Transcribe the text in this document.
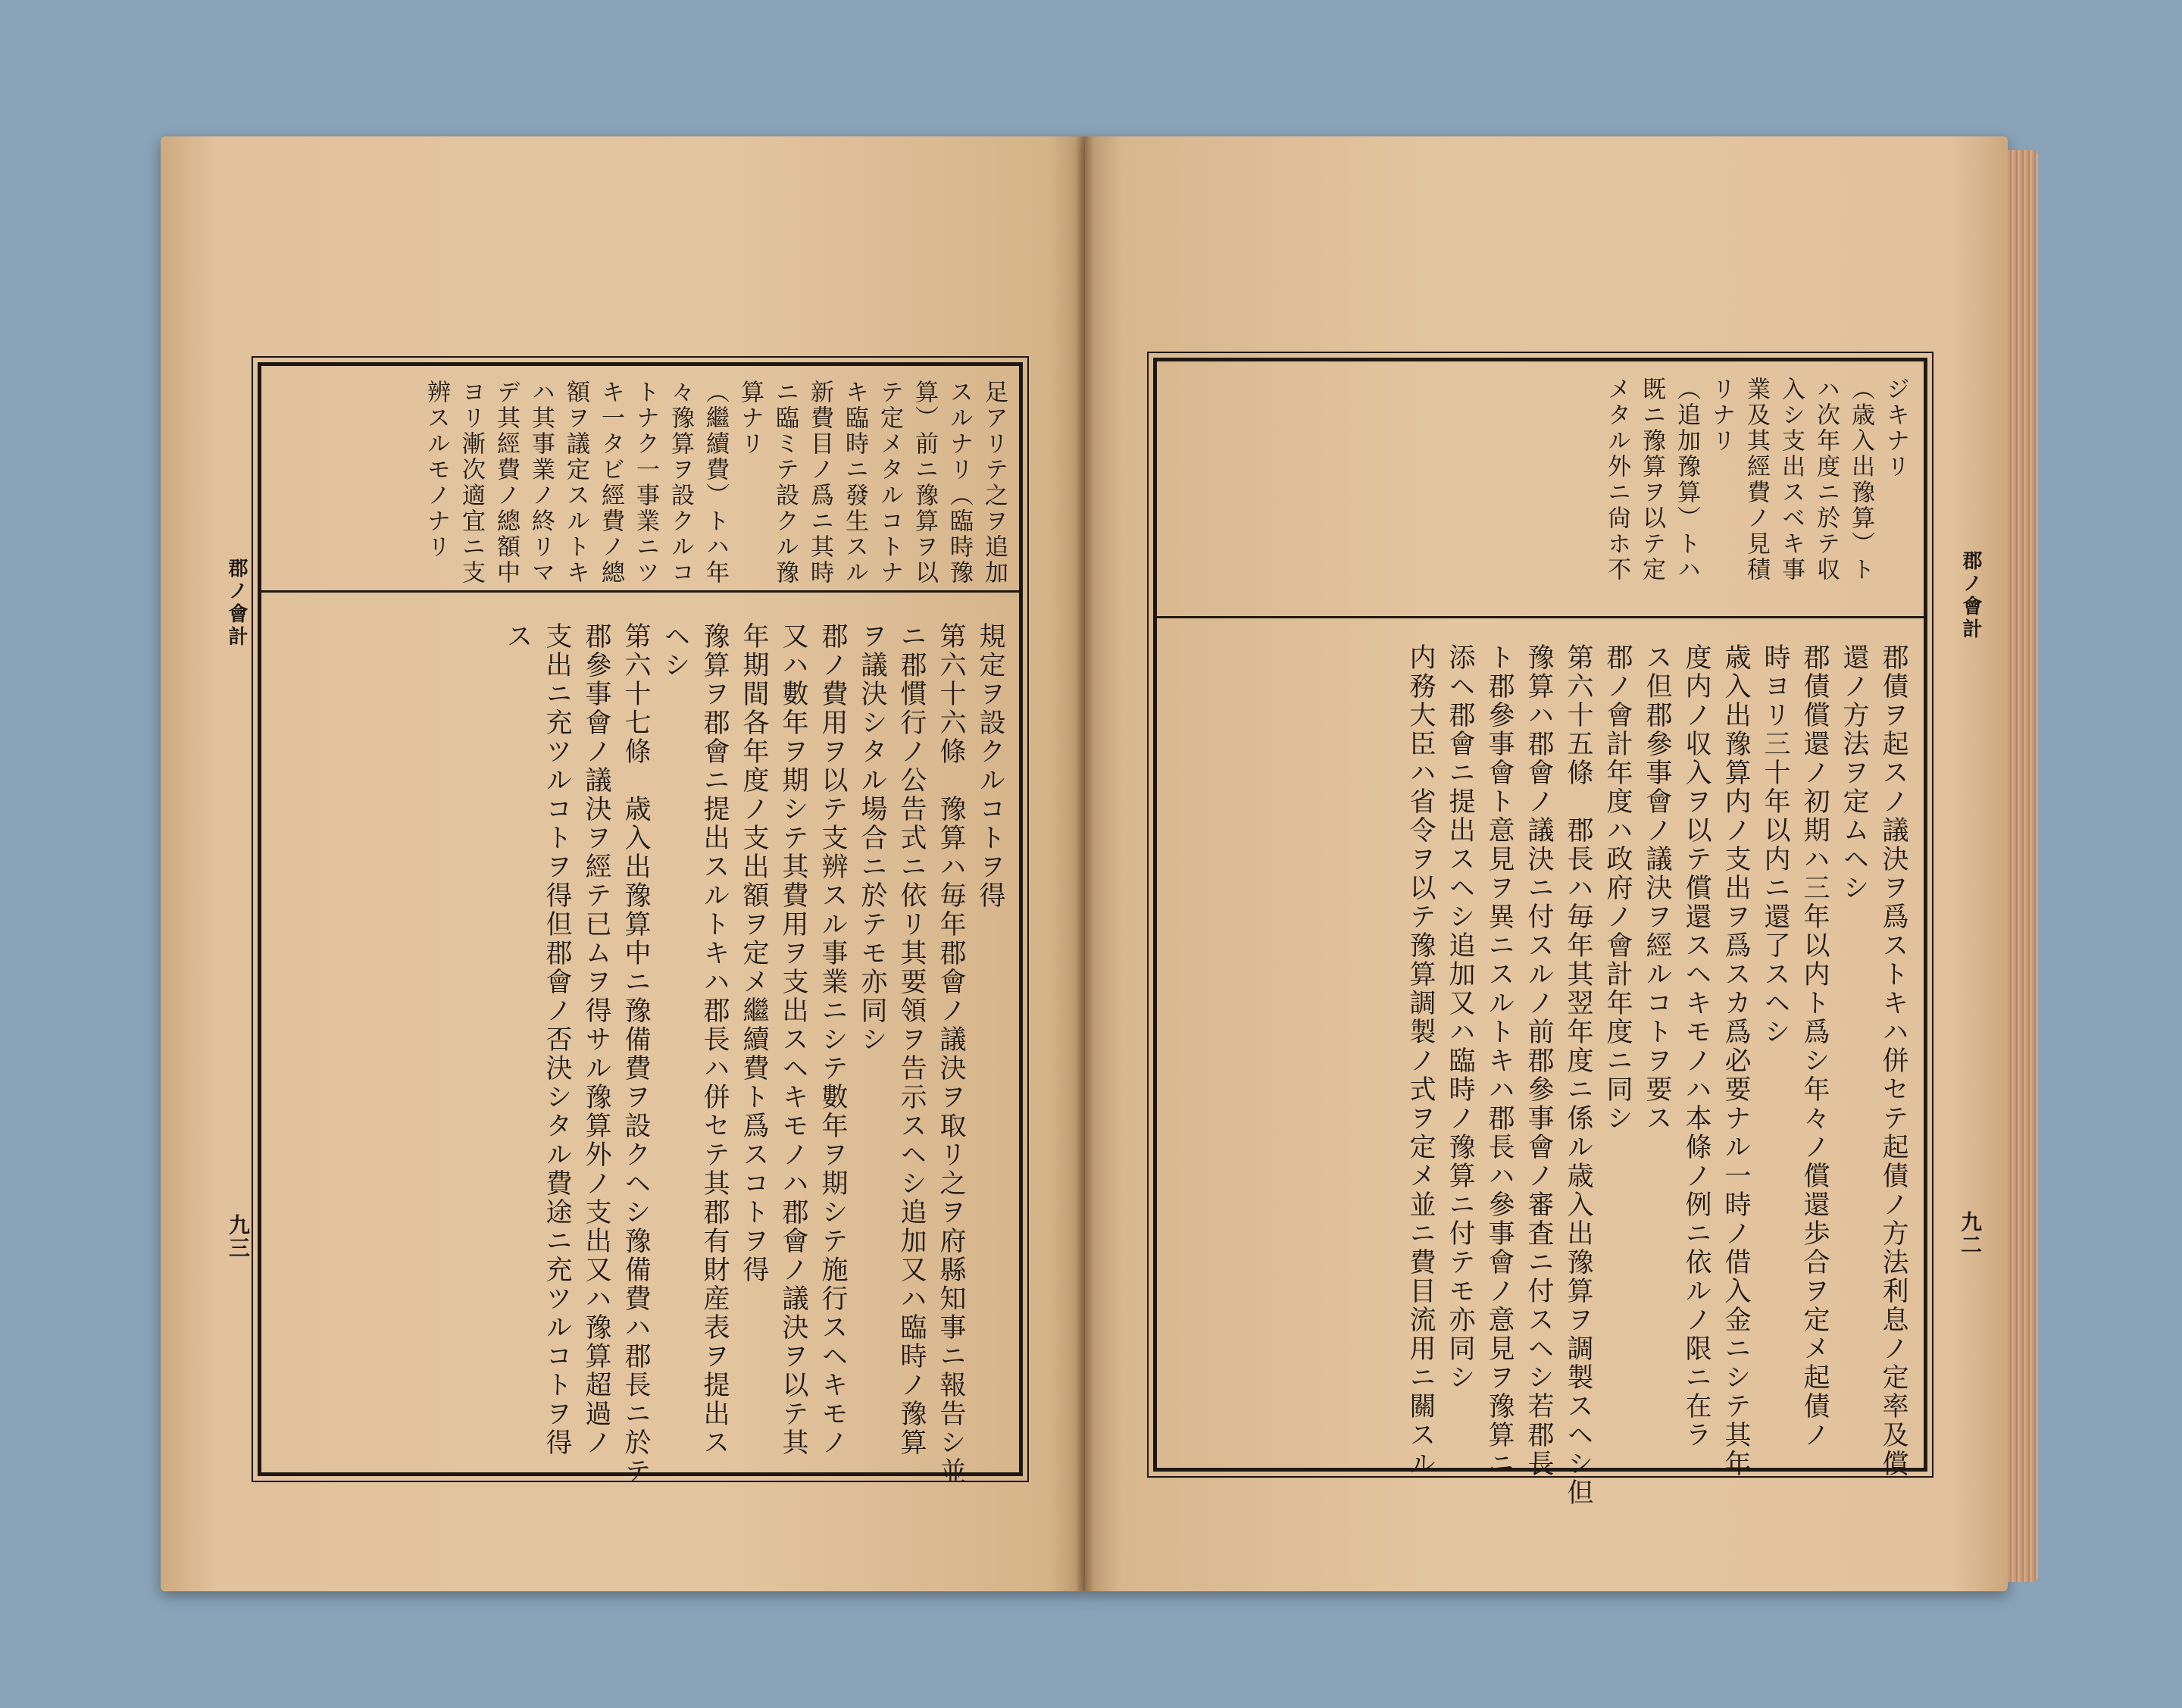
郡ノ會計
九三
足アリテ之ヲ追加
スルナリ（臨時豫
算）前ニ豫算ヲ以
テ定メタルコトナ
キ臨時ニ發生スル
新費目ノ爲ニ其時
ニ臨ミテ設クル豫
算ナリ
（繼續費）トハ年
々豫算ヲ設クルコ
トナク一事業ニツ
キ一タビ經費ノ總
額ヲ議定スルトキ
ハ其事業ノ終リマ
デ其經費ノ總額中
ヨリ漸次適宜ニ支
辨スルモノナリ
規定ヲ設クルコトヲ得
第六十六條　豫算ハ毎年郡會ノ議決ヲ取リ之ヲ府縣知事ニ報告シ並
ニ郡慣行ノ公告式ニ依リ其要領ヲ告示スヘシ追加又ハ臨時ノ豫算
ヲ議決シタル場合ニ於テモ亦同シ
郡ノ費用ヲ以テ支辨スル事業ニシテ數年ヲ期シテ施行スヘキモノ
又ハ數年ヲ期シテ其費用ヲ支出スヘキモノハ郡會ノ議決ヲ以テ其
年期間各年度ノ支出額ヲ定メ繼續費ト爲スコトヲ得
豫算ヲ郡會ニ提出スルトキハ郡長ハ併セテ其郡有財産表ヲ提出ス
ヘシ
第六十七條　歳入出豫算中ニ豫備費ヲ設クヘシ豫備費ハ郡長ニ於テ
郡參事會ノ議決ヲ經テ已ムヲ得サル豫算外ノ支出又ハ豫算超過ノ
支出ニ充ツルコトヲ得但郡會ノ否決シタル費途ニ充ツルコトヲ得
ス	郡ノ會計
九二
ジキナリ
（歳入出豫算）ト
ハ次年度ニ於テ収
入シ支出スベキ事
業及其經費ノ見積
リナリ
（追加豫算）トハ
既ニ豫算ヲ以テ定
メタル外ニ尙ホ不
郡債ヲ起スノ議決ヲ爲ストキハ併セテ起債ノ方法利息ノ定率及償
還ノ方法ヲ定ムヘシ
郡債償還ノ初期ハ三年以内ト爲シ年々ノ償還歩合ヲ定メ起債ノ
時ヨリ三十年以内ニ還了スヘシ
歳入出豫算内ノ支出ヲ爲スカ爲必要ナル一時ノ借入金ニシテ其年
度内ノ収入ヲ以テ償還スヘキモノハ本條ノ例ニ依ルノ限ニ在ラ
ス但郡參事會ノ議決ヲ經ルコトヲ要ス
郡ノ會計年度ハ政府ノ會計年度ニ同シ
第六十五條　郡長ハ毎年其翌年度ニ係ル歳入出豫算ヲ調製スヘシ但
豫算ハ郡會ノ議決ニ付スルノ前郡參事會ノ審査ニ付スヘシ若郡長
ト郡參事會ト意見ヲ異ニスルトキハ郡長ハ參事會ノ意見ヲ豫算ニ
添ヘ郡會ニ提出スヘシ追加又ハ臨時ノ豫算ニ付テモ亦同シ
内務大臣ハ省令ヲ以テ豫算調製ノ式ヲ定メ並ニ費目流用ニ關スル
